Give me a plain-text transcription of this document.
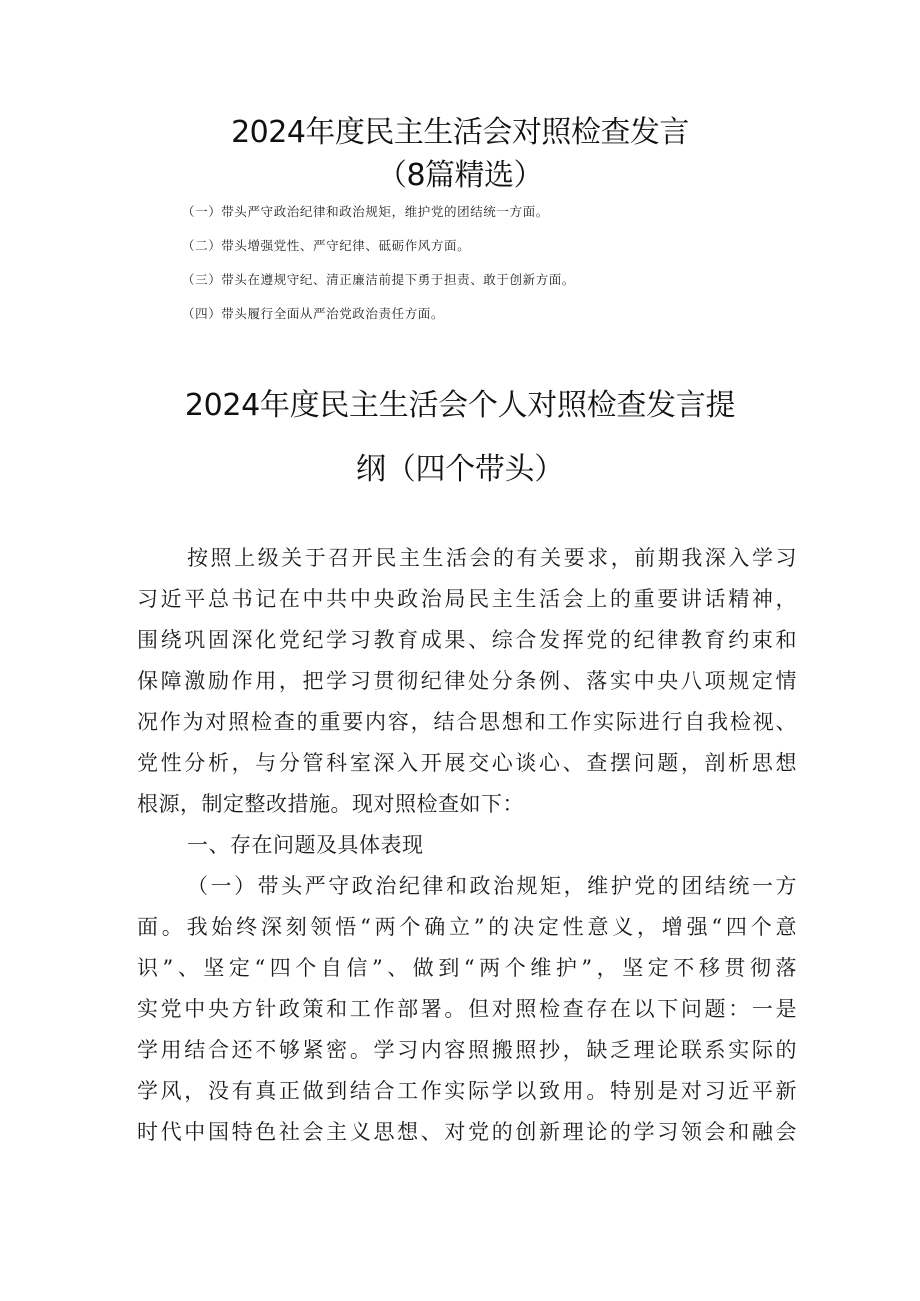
2024年度民主生活会对照检查发言
（8篇精选）
（一）带头严守政治纪律和政治规矩，维护党的团结统一方面。
（二）带头增强党性、严守纪律、砥砺作风方面。
（三）带头在遵规守纪、清正廉洁前提下勇于担责、敢于创新方面。
（四）带头履行全面从严治党政治责任方面。
2024年度民主生活会个人对照检查发言提
纲（四个带头）
按照上级关于召开民主生活会的有关要求，前期我深入学习
习近平总书记在中共中央政治局民主生活会上的重要讲话精神，
围绕巩固深化党纪学习教育成果、综合发挥党的纪律教育约束和
保障激励作用，把学习贯彻纪律处分条例、落实中央八项规定情
况作为对照检查的重要内容，结合思想和工作实际进行自我检视、
党性分析，与分管科室深入开展交心谈心、查摆问题，剖析思想
根源，制定整改措施。现对照检查如下：
一、存在问题及具体表现
（一）带头严守政治纪律和政治规矩，维护党的团结统一方
面。我始终深刻领悟“两个确立”的决定性意义，增强“四个意
识”、坚定“四个自信”、做到“两个维护”，坚定不移贯彻落
实党中央方针政策和工作部署。但对照检查存在以下问题：一是
学用结合还不够紧密。学习内容照搬照抄，缺乏理论联系实际的
学风，没有真正做到结合工作实际学以致用。特别是对习近平新
时代中国特色社会主义思想、对党的创新理论的学习领会和融会
